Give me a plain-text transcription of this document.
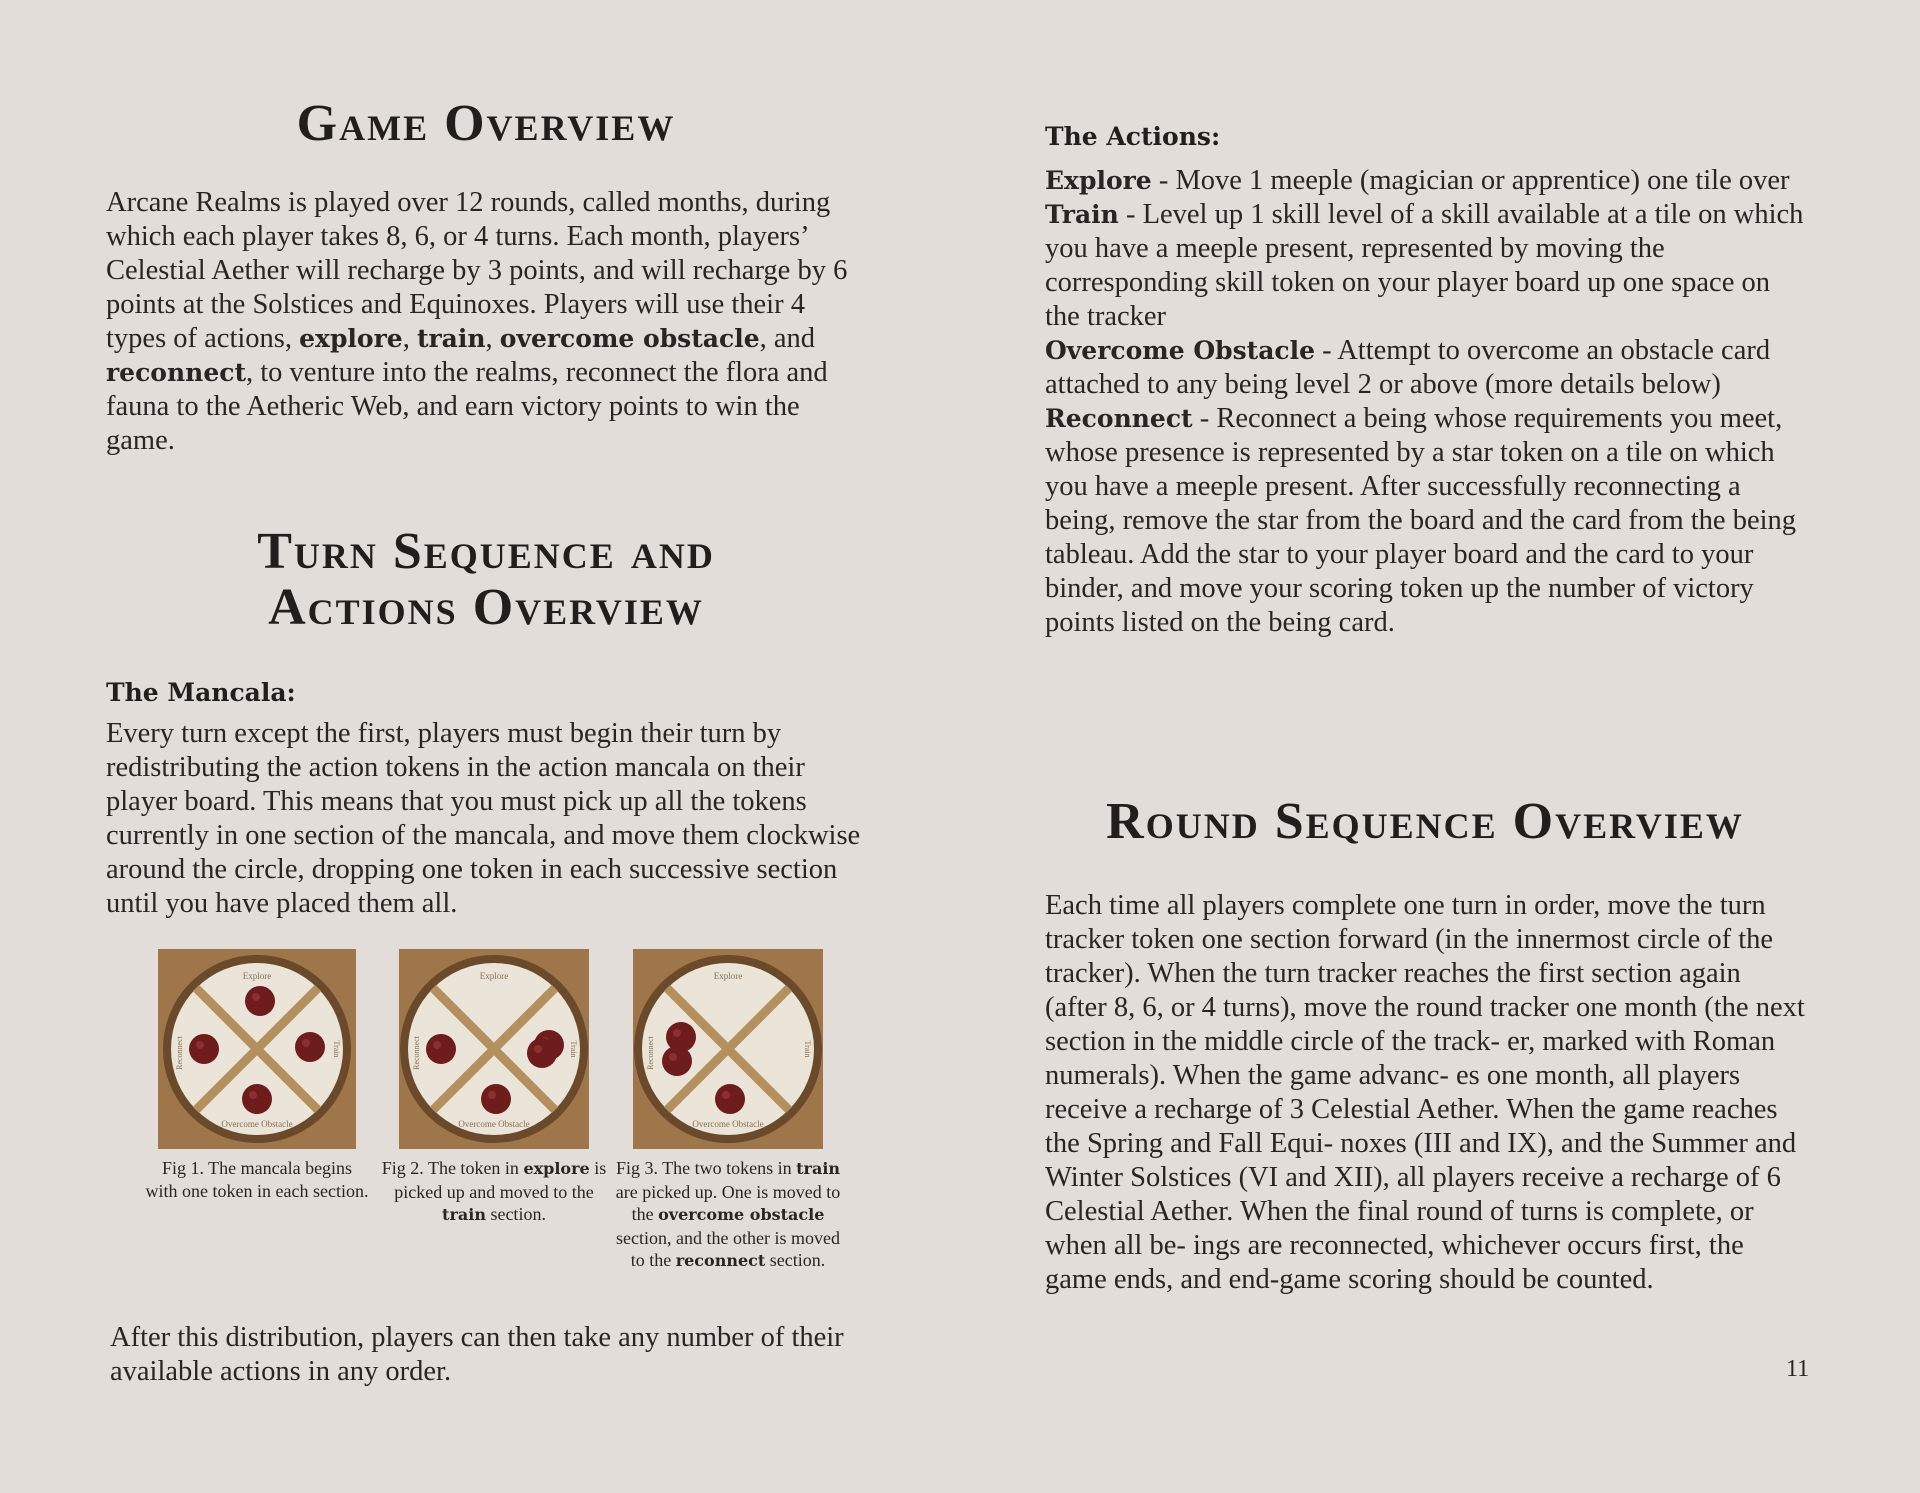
Game Overview

Arcane Realms is played over 12 rounds, called months, during which each player takes 8, 6, or 4 turns. Each month, players’ Celestial Aether will recharge by 3 points, and will recharge by 6 points at the Solstices and Equinoxes. Players will use their 4 types of actions, explore, train, overcome obstacle, and reconnect, to venture into the realms, reconnect the flora and fauna to the Aetheric Web, and earn victory points to win the game.

Turn Sequence and
Actions Overview
The Mancala:

Every turn except the first, players must begin their turn by redistributing the action tokens in the action mancala on their player board. This means that you must pick up all the tokens currently in one section of the mancala, and move them clockwise around the circle, dropping one token in each successive section until you have placed them all.

Explore
Overcome Obstacle
Reconnect	Train
Explore
Overcome Obstacle
Reconnect	Train
Explore
Overcome Obstacle
Reconnect	Train

Fig 1. The mancala begins with one token in each section.

Fig 2. The token in explore is picked up and moved to the train section.

Fig 3. The two tokens in train are picked up. One is moved to the overcome obstacle section, and the other is moved to the reconnect section.

After this distribution, players can then take any number of their available actions in any order.

The Actions:
Explore - Move 1 meeple (magician or apprentice) one tile over
Train - Level up 1 skill level of a skill available at a tile on which you have a meeple present, represented by moving the corresponding skill token on your player board up one space on the tracker
Overcome Obstacle - Attempt to overcome an obstacle card attached to any being level 2 or above (more details below)
Reconnect - Reconnect a being whose requirements you meet, whose presence is represented by a star token on a tile on which you have a meeple present. After successfully reconnecting a being, remove the star from the board and the card from the being tableau. Add the star to your player board and the card to your binder, and move your scoring token up the number of victory points listed on the being card.
Round Sequence Overview

Each time all players complete one turn in order, move the turn tracker token one section forward (in the innermost circle of the tracker). When the turn tracker reaches the first section again (after 8, 6, or 4 turns), move the round tracker one month (the next section in the middle circle of the track- er, marked with Roman numerals). When the game advanc- es one month, all players receive a recharge of 3 Celestial Aether. When the game reaches the Spring and Fall Equi- noxes (III and IX), and the Summer and Winter Solstices (VI and XII), all players receive a recharge of 6 Celestial Aether. When the final round of turns is complete, or when all be- ings are reconnected, whichever occurs first, the game ends, and end-game scoring should be counted.

11
